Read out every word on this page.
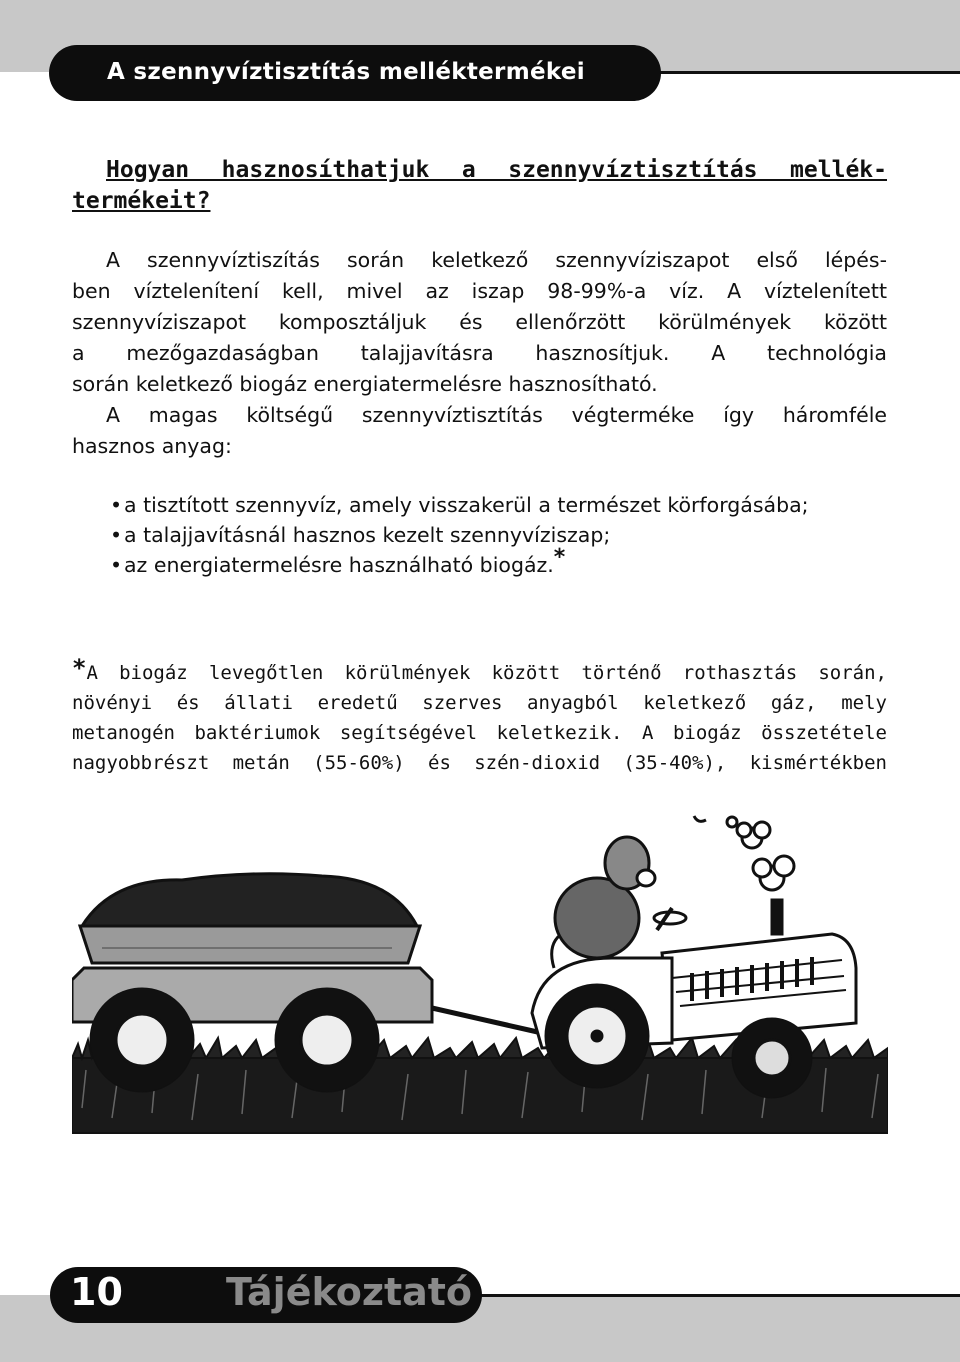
A szennyvíztisztítás melléktermékei
Hogyan hasznosíthatjuk a szennyvíztisztítás mellék-
termékeit?
A szennyvíztiszítás során keletkező szennyvíziszapot első lépés-
ben víztelenítení kell, mivel az iszap 98-99%-a víz. A víztelenített
szennyvíziszapot komposztáljuk és ellenőrzött körülmények között
a mezőgazdaságban talajjavításra hasznosítjuk. A technológia
során keletkező biogáz energiatermelésre hasznosítható.
A magas költségű szennyvíztisztítás végterméke így háromféle
hasznos anyag:
• a tisztított szennyvíz, amely visszakerül a természet körforgásába;
• a talajjavításnál hasznos kezelt szennyvíziszap;
• az energiatermelésre használható biogáz.*
*A biogáz levegőtlen körülmények között történő rothasztás során,
növényi és állati eredetű szerves anyagból keletkező gáz, mely
metanogén baktériumok segítségével keletkezik. A biogáz összetétele
nagyobbrészt metán (55-60%) és szén-dioxid (35-40%), kismértékben
10	Tájékoztató
